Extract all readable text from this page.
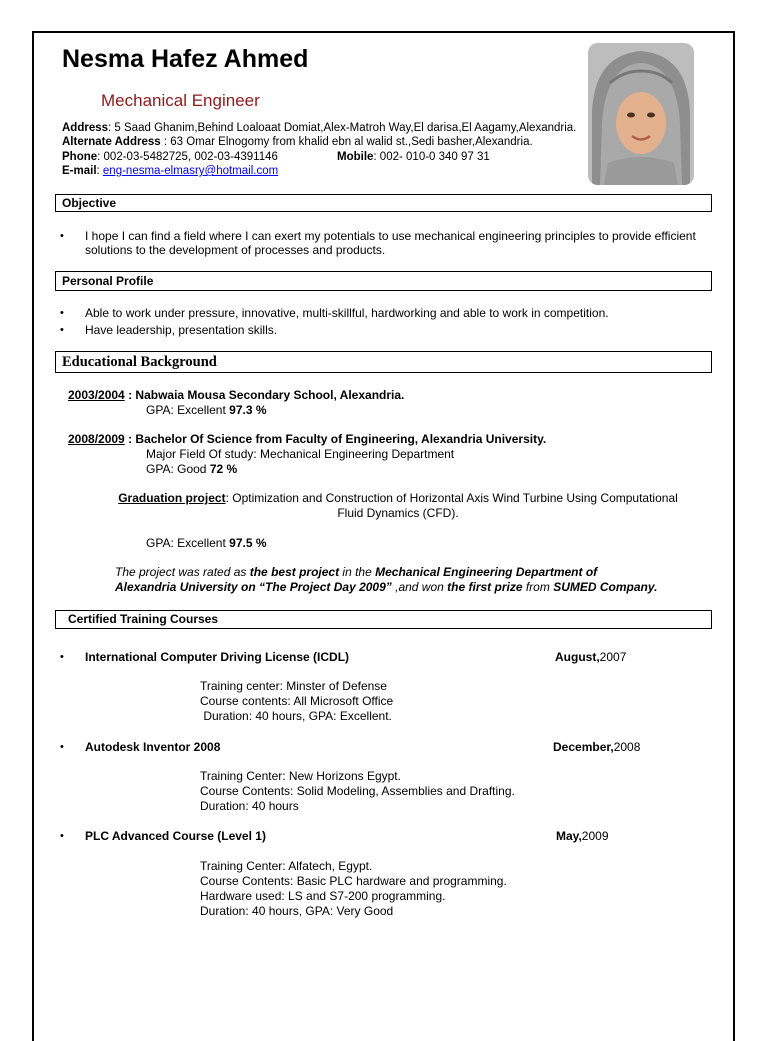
Nesma Hafez Ahmed
Mechanical Engineer
Address: 5 Saad Ghanim,Behind Loaloaat Domiat,Alex-Matroh Way,El darisa,El Aagamy,Alexandria.
Alternate Address : 63 Omar Elnogomy from khalid ebn al walid st.,Sedi basher,Alexandria.
Phone: 002-03-5482725, 002-03-4391146	Mobile: 002- 010-0 340 97 31
E-mail: eng-nesma-elmasry@hotmail.com
Objective
• I hope I can find a field where I can exert my potentials to use mechanical engineering principles to provide efficient solutions to the development of processes and products.
Personal Profile
• Able to work under pressure, innovative, multi-skillful, hardworking and able to work in competition.
• Have leadership, presentation skills.
Educational Background
2003/2004 : Nabwaia Mousa Secondary School, Alexandria.
GPA: Excellent 97.3 %
2008/2009 : Bachelor Of Science from Faculty of Engineering, Alexandria University.
Major Field Of study: Mechanical Engineering Department
GPA: Good 72 %
Graduation project: Optimization and Construction of Horizontal Axis Wind Turbine Using Computational
Fluid Dynamics (CFD).
GPA: Excellent 97.5 %
The project was rated as the best project in the Mechanical Engineering Department of
Alexandria University on “The Project Day 2009” ,and won the first prize from SUMED Company.
Certified Training Courses
• International Computer Driving License (ICDL)	August,2007
Training center: Minster of Defense
Course contents: All Microsoft Office
Duration: 40 hours, GPA: Excellent.
• Autodesk Inventor 2008	December,2008
Training Center: New Horizons Egypt.
Course Contents: Solid Modeling, Assemblies and Drafting.
Duration: 40 hours
• PLC Advanced Course (Level 1)	May,2009
Training Center: Alfatech, Egypt.
Course Contents: Basic PLC hardware and programming.
Hardware used: LS and S7-200 programming.
Duration: 40 hours, GPA: Very Good
